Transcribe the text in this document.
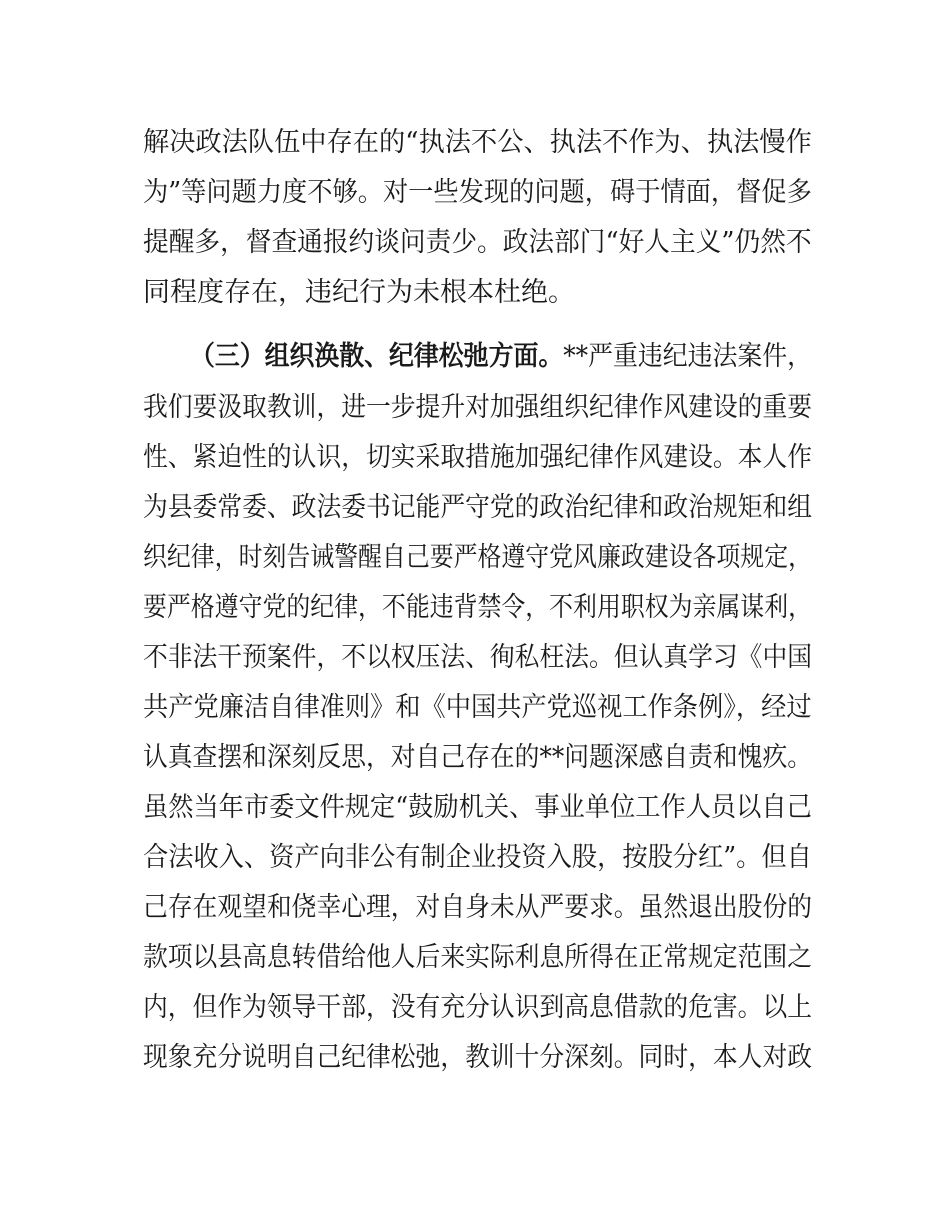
解决政法队伍中存在的“执法不公、执法不作为、执法慢作
为”等问题力度不够。对一些发现的问题，碍于情面，督促多
提醒多，督查通报约谈问责少。政法部门“好人主义”仍然不
同程度存在，违纪行为未根本杜绝。
（三）组织涣散、纪律松弛方面。**严重违纪违法案件，
我们要汲取教训，进一步提升对加强组织纪律作风建设的重要
性、紧迫性的认识，切实采取措施加强纪律作风建设。本人作
为县委常委、政法委书记能严守党的政治纪律和政治规矩和组
织纪律，时刻告诫警醒自己要严格遵守党风廉政建设各项规定，
要严格遵守党的纪律，不能违背禁令，不利用职权为亲属谋利，
不非法干预案件，不以权压法、徇私枉法。但认真学习《中国
共产党廉洁自律准则》和《中国共产党巡视工作条例》，经过
认真查摆和深刻反思，对自己存在的**问题深感自责和愧疚。
虽然当年市委文件规定“鼓励机关、事业单位工作人员以自己
合法收入、资产向非公有制企业投资入股，按股分红”。但自
己存在观望和侥幸心理，对自身未从严要求。虽然退出股份的
款项以县高息转借给他人后来实际利息所得在正常规定范围之
内，但作为领导干部，没有充分认识到高息借款的危害。以上
现象充分说明自己纪律松弛，教训十分深刻。同时，本人对政
